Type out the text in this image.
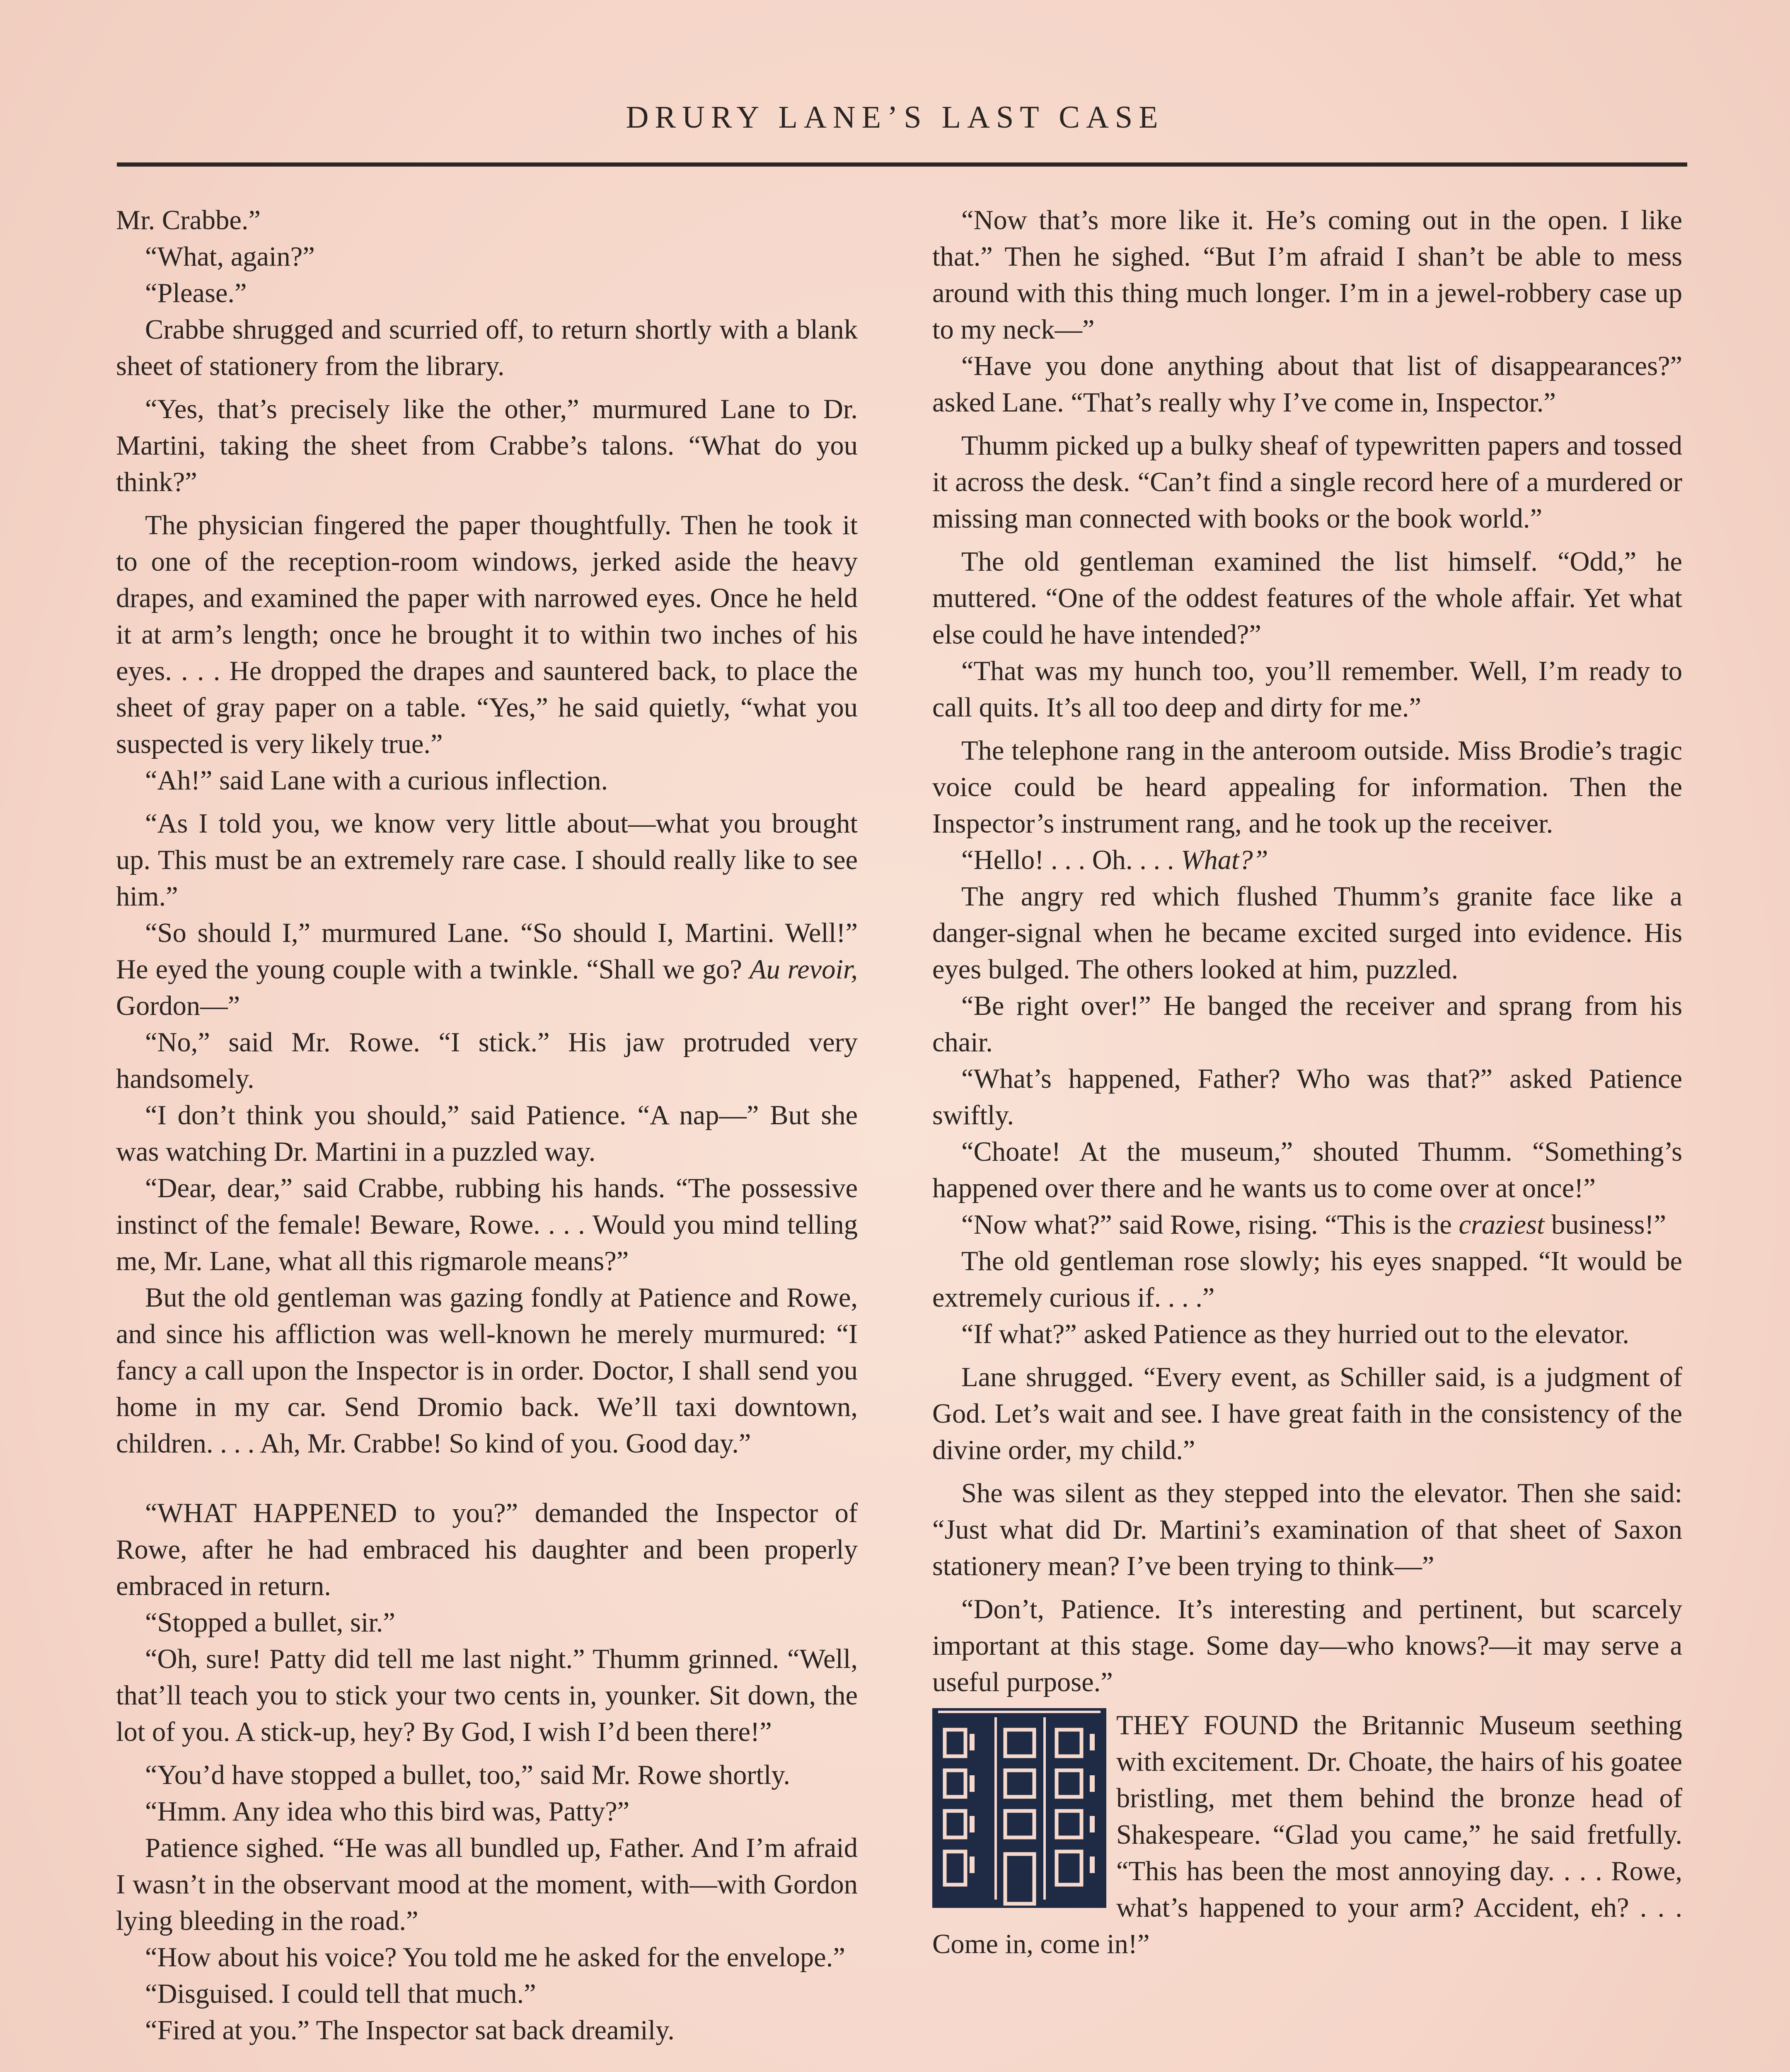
DRURY LANE’S LAST CASE

Mr. Crabbe.”

“What, again?”

“Please.”

Crabbe shrugged and scurried off, to return shortly with a blank sheet of stationery from the library.

“Yes, that’s precisely like the other,” murmured Lane to Dr. Martini, taking the sheet from Crabbe’s talons. “What do you think?”

The physician fingered the paper thoughtfully. Then he took it to one of the reception-room windows, jerked aside the heavy drapes, and examined the paper with narrowed eyes. Once he held it at arm’s length; once he brought it to within two inches of his eyes. . . . He dropped the drapes and sauntered back, to place the sheet of gray paper on a table. “Yes,” he said quietly, “what you suspected is very likely true.”

“Ah!” said Lane with a curious inflection.

“As I told you, we know very little about—what you brought up. This must be an extremely rare case. I should really like to see him.”

“So should I,” murmured Lane. “So should I, Martini. Well!” He eyed the young couple with a twinkle. “Shall we go? Au revoir, Gordon—”

“No,” said Mr. Rowe. “I stick.” His jaw protruded very handsomely.

“I don’t think you should,” said Patience. “A nap—” But she was watching Dr. Martini in a puzzled way.

“Dear, dear,” said Crabbe, rubbing his hands. “The possessive instinct of the female! Beware, Rowe. . . . Would you mind telling me, Mr. Lane, what all this rigmarole means?”

But the old gentleman was gazing fondly at Patience and Rowe, and since his affliction was well-known he merely murmured: “I fancy a call upon the Inspector is in order. Doctor, I shall send you home in my car. Send Dromio back. We’ll taxi downtown, children. . . . Ah, Mr. Crabbe! So kind of you. Good day.”

“WHAT HAPPENED to you?” demanded the Inspector of Rowe, after he had embraced his daughter and been properly embraced in return.

“Stopped a bullet, sir.”

“Oh, sure! Patty did tell me last night.” Thumm grinned. “Well, that’ll teach you to stick your two cents in, younker. Sit down, the lot of you. A stick-up, hey? By God, I wish I’d been there!”

“You’d have stopped a bullet, too,” said Mr. Rowe shortly.

“Hmm. Any idea who this bird was, Patty?”

Patience sighed. “He was all bundled up, Father. And I’m afraid I wasn’t in the observant mood at the moment, with—with Gordon lying bleeding in the road.”

“How about his voice? You told me he asked for the envelope.”

“Disguised. I could tell that much.”

“Fired at you.” The Inspector sat back dreamily.

“Now that’s more like it. He’s coming out in the open. I like that.” Then he sighed. “But I’m afraid I shan’t be able to mess around with this thing much longer. I’m in a jewel-robbery case up to my neck—”

“Have you done anything about that list of disappearances?” asked Lane. “That’s really why I’ve come in, Inspector.”

Thumm picked up a bulky sheaf of typewritten papers and tossed it across the desk. “Can’t find a single record here of a murdered or missing man connected with books or the book world.”

The old gentleman examined the list himself. “Odd,” he muttered. “One of the oddest features of the whole affair. Yet what else could he have intended?”

“That was my hunch too, you’ll remember. Well, I’m ready to call quits. It’s all too deep and dirty for me.”

The telephone rang in the anteroom outside. Miss Brodie’s tragic voice could be heard appealing for information. Then the Inspector’s instrument rang, and he took up the receiver.

“Hello! . . . Oh. . . . What?”

The angry red which flushed Thumm’s granite face like a danger-signal when he became excited surged into evidence. His eyes bulged. The others looked at him, puzzled.

“Be right over!” He banged the receiver and sprang from his chair.

“What’s happened, Father? Who was that?” asked Patience swiftly.

“Choate! At the museum,” shouted Thumm. “Something’s happened over there and he wants us to come over at once!”

“Now what?” said Rowe, rising. “This is the craziest business!”

The old gentleman rose slowly; his eyes snapped. “It would be extremely curious if. . . .”

“If what?” asked Patience as they hurried out to the elevator.

Lane shrugged. “Every event, as Schiller said, is a judgment of God. Let’s wait and see. I have great faith in the consistency of the divine order, my child.”

She was silent as they stepped into the elevator. Then she said: “Just what did Dr. Martini’s examination of that sheet of Saxon stationery mean? I’ve been trying to think—”

“Don’t, Patience. It’s interesting and pertinent, but scarcely important at this stage. Some day—who knows?—it may serve a useful purpose.”

THEY FOUND the Britannic Museum seething with excitement. Dr. Choate, the hairs of his goatee bristling, met them behind the bronze head of Shakespeare. “Glad you came,” he said fretfully. “This has been the most annoying day. . . . Rowe, what’s happened to your arm? Accident, eh? . . . Come in, come in!”
